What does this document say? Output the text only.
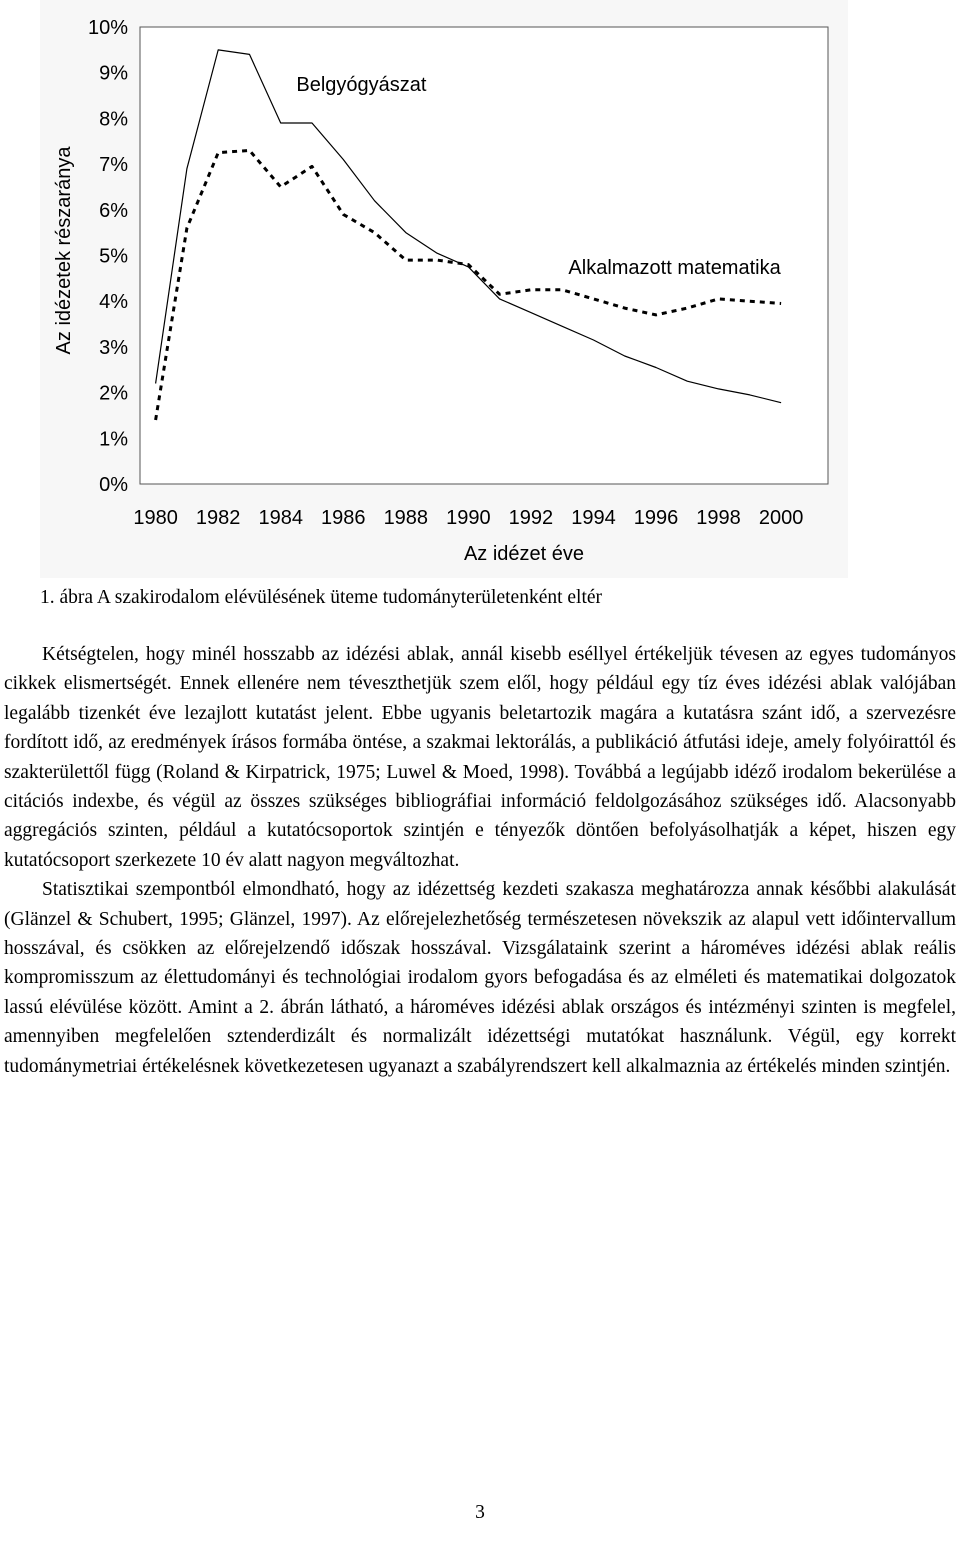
0%
1%
2%
3%
4%
5%
6%
7%
8%
9%
10%
1980 1982 1984 1986 1988 1990 1992 1994 1996 1998 2000
Belgyógyászat
Alkalmazott matematika
Az idézet éve
Az idézetek részaránya
1. ábra A szakirodalom elévülésének üteme tudományterületenként eltér

Kétségtelen, hogy minél hosszabb az idézési ablak, annál kisebb eséllyel értékeljük tévesen az egyes tudományos cikkek elismertségét. Ennek ellenére nem téveszthetjük szem elől, hogy például egy tíz éves idézési ablak valójában legalább tizenkét éve lezajlott kutatást jelent. Ebbe ugyanis beletartozik magára a kutatásra szánt idő, a szervezésre fordított idő, az eredmények írásos formába öntése, a szakmai lektorálás, a publikáció átfutási ideje, amely folyóirattól és szakterülettől függ (Roland & Kirpatrick, 1975; Luwel & Moed, 1998). Továbbá a legújabb idéző irodalom bekerülése a citációs indexbe, és végül az összes szükséges bibliográfiai információ feldolgozásához szükséges idő. Alacsonyabb aggregációs szinten, például a kutatócsoportok szintjén e tényezők döntően befolyásolhatják a képet, hiszen egy kutatócsoport szerkezete 10 év alatt nagyon megváltozhat.

Statisztikai szempontból elmondható, hogy az idézettség kezdeti szakasza meghatározza annak későbbi alakulását (Glänzel & Schubert, 1995; Glänzel, 1997). Az előrejelezhetőség természetesen növekszik az alapul vett időintervallum hosszával, és csökken az előrejelzendő időszak hosszával. Vizsgálataink szerint a hároméves idézési ablak reális kompromisszum az élettudományi és technológiai irodalom gyors befogadása és az elméleti és matematikai dolgozatok lassú elévülése között. Amint a 2. ábrán látható, a hároméves idézési ablak országos és intézményi szinten is megfelel, amennyiben megfelelően sztenderdizált és normalizált idézettségi mutatókat használunk. Végül, egy korrekt tudománymetriai értékelésnek következetesen ugyanazt a szabályrendszert kell alkalmaznia az értékelés minden szintjén.

3
